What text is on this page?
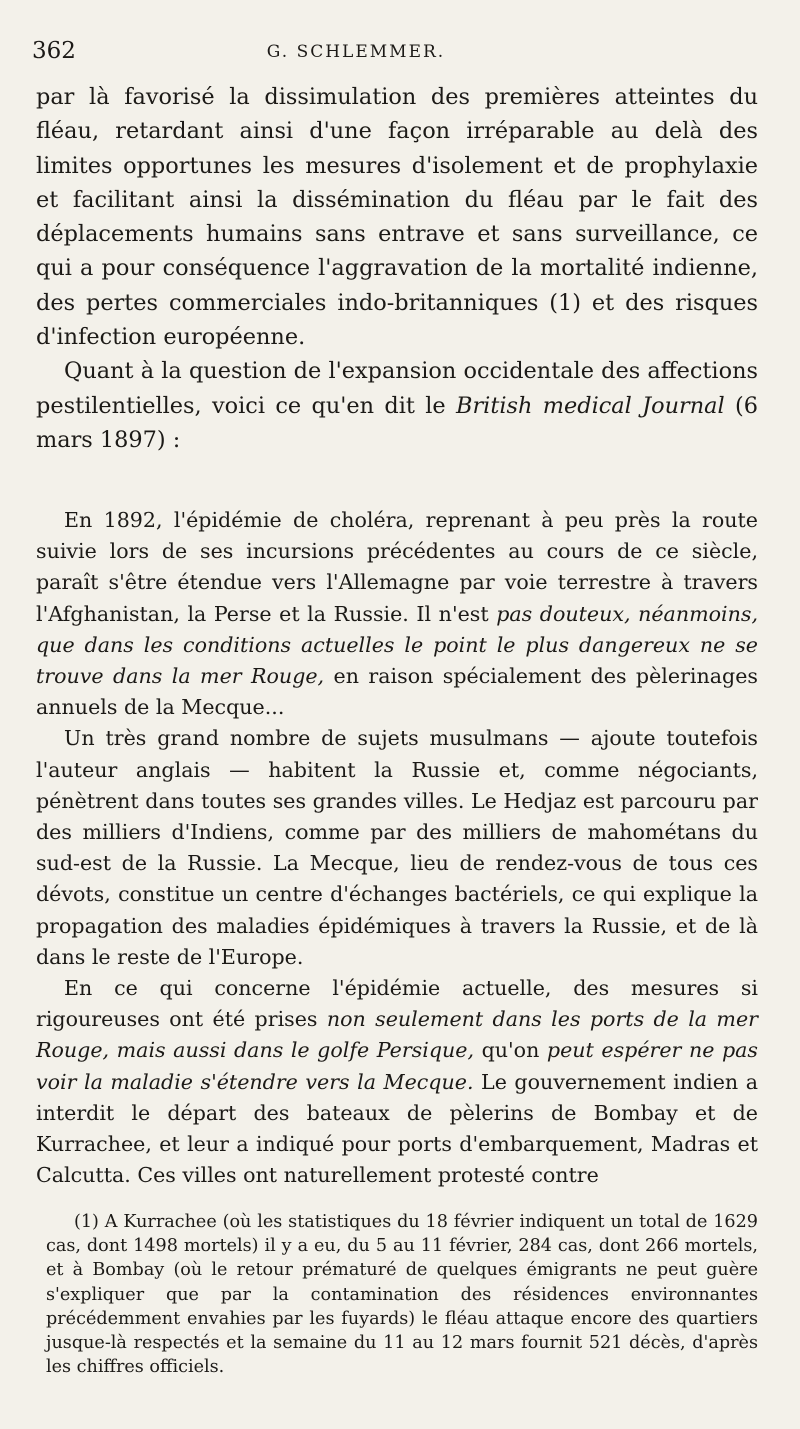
362	G. SCHLEMMER.

par là favorisé la dissimulation des premières atteintes du fléau, retardant ainsi d'une façon irréparable au delà des limites opportunes les mesures d'isolement et de prophylaxie et facilitant ainsi la dissémination du fléau par le fait des déplacements humains sans entrave et sans surveillance, ce qui a pour conséquence l'aggravation de la mortalité indienne, des pertes commerciales indo-britanniques (1) et des risques d'infection européenne.

Quant à la question de l'expansion occidentale des affections pestilentielles, voici ce qu'en dit le British medical Journal (6 mars 1897) :

En 1892, l'épidémie de choléra, reprenant à peu près la route suivie lors de ses incursions précédentes au cours de ce siècle, paraît s'être étendue vers l'Allemagne par voie terrestre à travers l'Afghanistan, la Perse et la Russie. Il n'est pas douteux, néanmoins, que dans les conditions actuelles le point le plus dangereux ne se trouve dans la mer Rouge, en raison spécialement des pèlerinages annuels de la Mecque...

Un très grand nombre de sujets musulmans — ajoute toutefois l'auteur anglais — habitent la Russie et, comme négociants, pénètrent dans toutes ses grandes villes. Le Hedjaz est parcouru par des milliers d'Indiens, comme par des milliers de mahométans du sud-est de la Russie. La Mecque, lieu de rendez-vous de tous ces dévots, constitue un centre d'échanges bactériels, ce qui explique la propagation des maladies épidémiques à travers la Russie, et de là dans le reste de l'Europe.

En ce qui concerne l'épidémie actuelle, des mesures si rigoureuses ont été prises non seulement dans les ports de la mer Rouge, mais aussi dans le golfe Persique, qu'on peut espérer ne pas voir la maladie s'étendre vers la Mecque. Le gouvernement indien a interdit le départ des bateaux de pèlerins de Bombay et de Kurrachee, et leur a indiqué pour ports d'embarquement, Madras et Calcutta. Ces villes ont naturellement protesté contre

(1) A Kurrachee (où les statistiques du 18 février indiquent un total de 1629 cas, dont 1498 mortels) il y a eu, du 5 au 11 février, 284 cas, dont 266 mortels, et à Bombay (où le retour prématuré de quelques émigrants ne peut guère s'expliquer que par la contamination des résidences environnantes précédemment envahies par les fuyards) le fléau attaque encore des quartiers jusque-là respectés et la semaine du 11 au 12 mars fournit 521 décès, d'après les chiffres officiels.
